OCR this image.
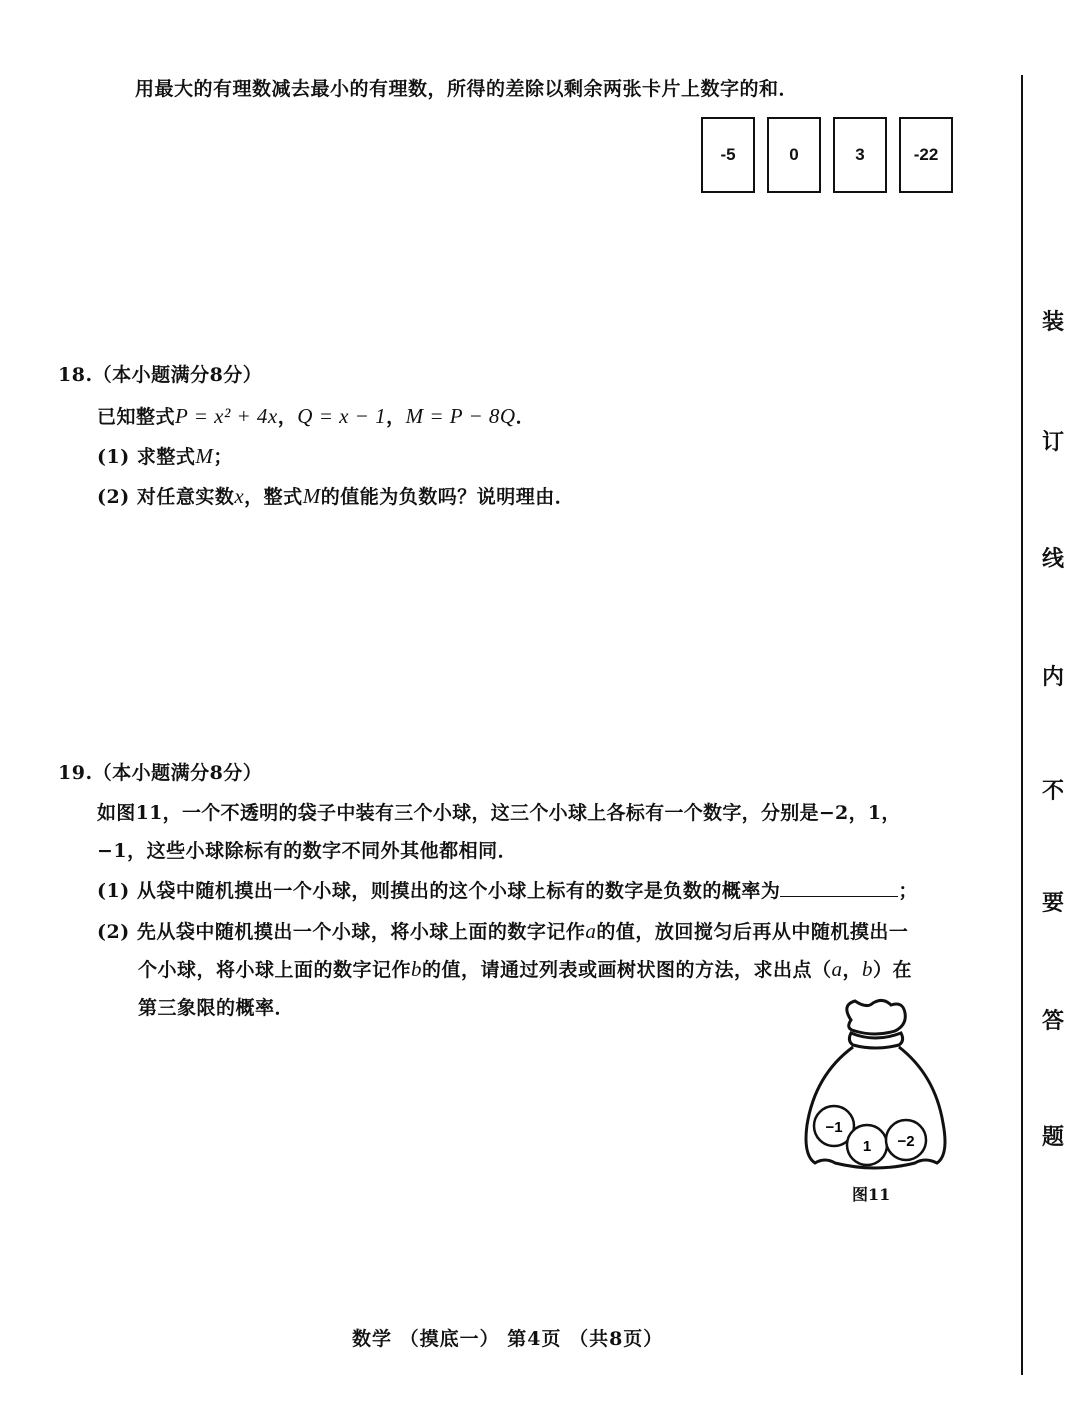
用最大的有理数减去最小的有理数，所得的差除以剩余两张卡片上数字的和．
-5	0	3	-22
18.（本小题满分8分）
已知整式P = x² + 4x，Q = x − 1，M = P − 8Q．
(1) 求整式M；
(2) 对任意实数x，整式M的值能为负数吗？说明理由．
19.（本小题满分8分）
如图11，一个不透明的袋子中装有三个小球，这三个小球上各标有一个数字，分别是−2，1，
−1，这些小球除标有的数字不同外其他都相同．
(1) 从袋中随机摸出一个小球，则摸出的这个小球上标有的数字是负数的概率为	；
(2) 先从袋中随机摸出一个小球，将小球上面的数字记作a的值，放回搅匀后再从中随机摸出一
个小球，将小球上面的数字记作b的值，请通过列表或画树状图的方法，求出点（a，b）在
第三象限的概率．
−1
1 −2
图11
装
订
线
内
不
要
答
题
数学 （摸底一） 第4页 （共8页）
